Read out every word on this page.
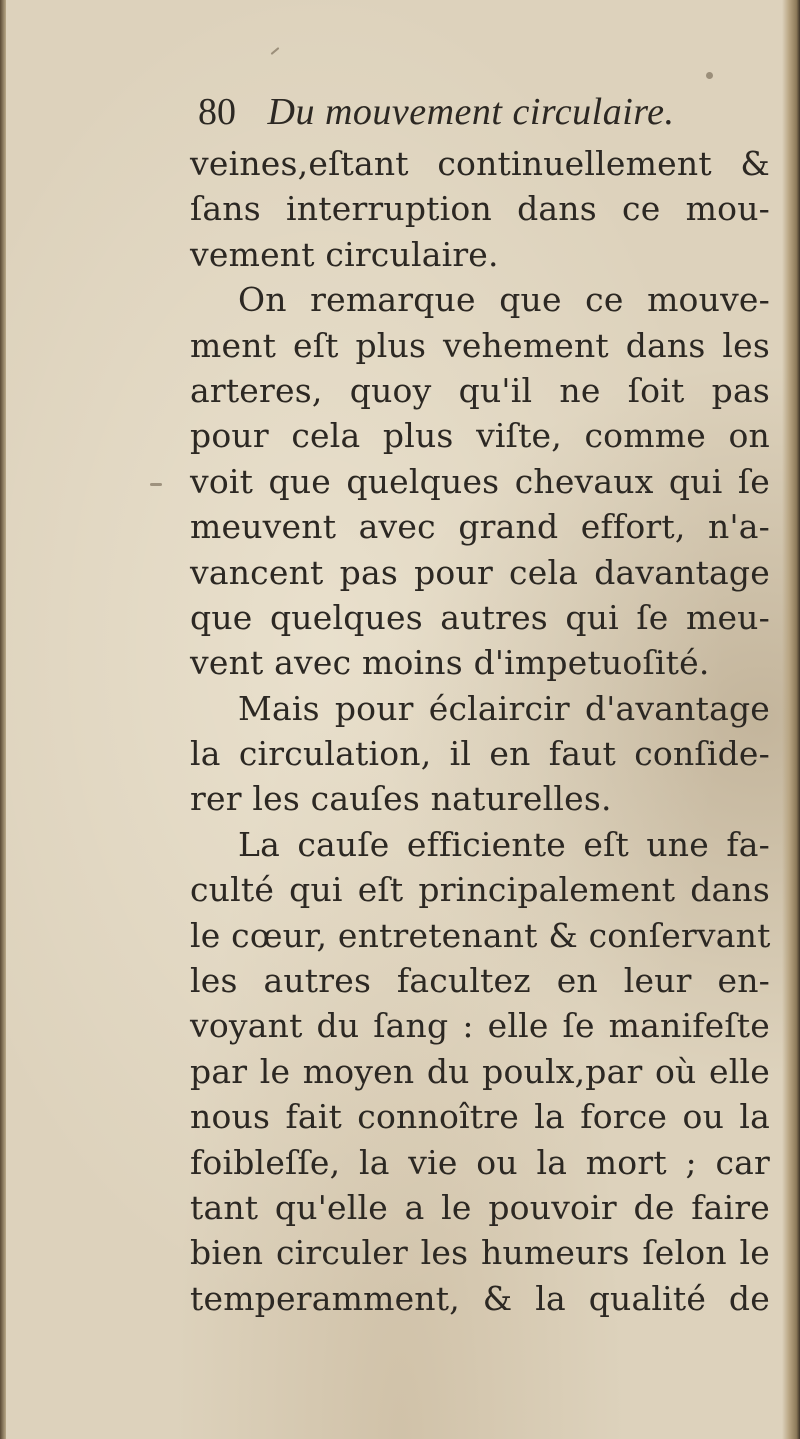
80 Du mouvement circulaire.
veines,eſtant continuellement &
ſans interruption dans ce mou-
vement circulaire.
On remarque que ce mouve-
ment eſt plus vehement dans les
arteres, quoy qu'il ne ſoit pas
pour cela plus viſte, comme on
voit que quelques chevaux qui ſe
meuvent avec grand effort, n'a-
vancent pas pour cela davantage
que quelques autres qui ſe meu-
vent avec moins d'impetuoſité.
Mais pour éclaircir d'avantage
la circulation, il en faut conſide-
rer les cauſes naturelles.
La cauſe efficiente eſt une fa-
culté qui eſt principalement dans
le cœur, entretenant & conſervant
les autres facultez en leur en-
voyant du ſang : elle ſe manifeſte
par le moyen du poulx,par où elle
nous fait connoître la force ou la
foibleſſe, la vie ou la mort ; car
tant qu'elle a le pouvoir de faire
bien circuler les humeurs ſelon le
temperamment, & la qualité de
